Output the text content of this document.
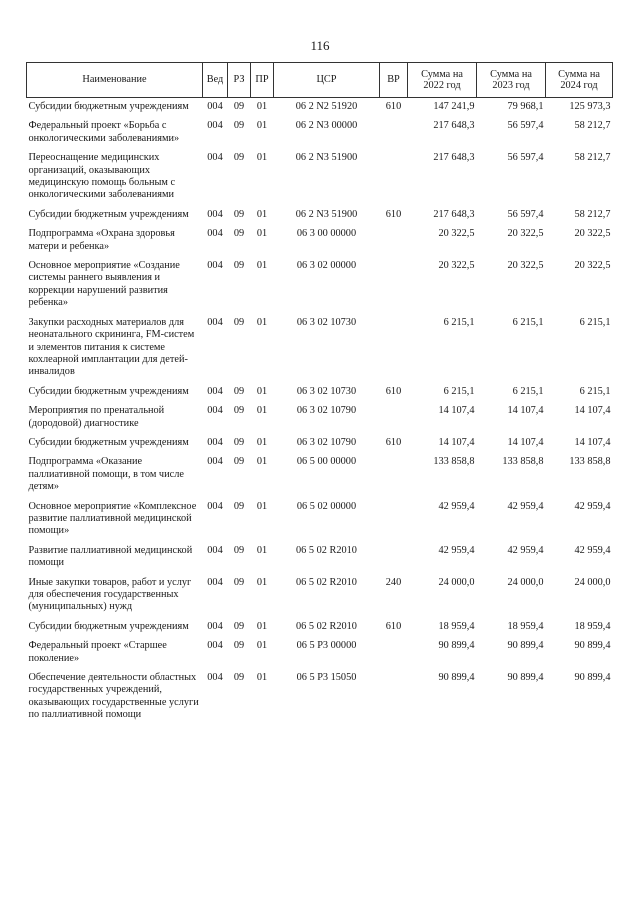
116
Наименование	Вед	РЗ	ПР	ЦСР	ВР	Сумма на 2022 год	Сумма на 2023 год	Сумма на 2024 год
Субсидии бюджетным учреждениям	004	09	01	06 2 N2 51920	610	147 241,9	79 968,1	125 973,3
Федеральный проект «Борьба с онкологическими заболеваниями»	004	09	01	06 2 N3 00000		217 648,3	56 597,4	58 212,7
Переоснащение медицинских организаций, оказывающих медицинскую помощь больным с онкологическими заболеваниями	004	09	01	06 2 N3 51900		217 648,3	56 597,4	58 212,7
Субсидии бюджетным учреждениям	004	09	01	06 2 N3 51900	610	217 648,3	56 597,4	58 212,7
Подпрограмма «Охрана здоровья матери и ребенка»	004	09	01	06 3 00 00000		20 322,5	20 322,5	20 322,5
Основное мероприятие «Создание системы раннего выявления и коррекции нарушений развития ребенка»	004	09	01	06 3 02 00000		20 322,5	20 322,5	20 322,5
Закупки расходных материалов для неонатального скрининга, FM-систем и элементов питания к системе кохлеарной имплантации для детей-инвалидов	004	09	01	06 3 02 10730		6 215,1	6 215,1	6 215,1
Субсидии бюджетным учреждениям	004	09	01	06 3 02 10730	610	6 215,1	6 215,1	6 215,1
Мероприятия по пренатальной (дородовой) диагностике	004	09	01	06 3 02 10790		14 107,4	14 107,4	14 107,4
Субсидии бюджетным учреждениям	004	09	01	06 3 02 10790	610	14 107,4	14 107,4	14 107,4
Подпрограмма «Оказание паллиативной помощи, в том числе детям»	004	09	01	06 5 00 00000		133 858,8	133 858,8	133 858,8
Основное мероприятие «Комплексное развитие паллиативной медицинской помощи»	004	09	01	06 5 02 00000		42 959,4	42 959,4	42 959,4
Развитие паллиативной медицинской помощи	004	09	01	06 5 02 R2010		42 959,4	42 959,4	42 959,4
Иные закупки товаров, работ и услуг для обеспечения государственных (муниципальных) нужд	004	09	01	06 5 02 R2010	240	24 000,0	24 000,0	24 000,0
Субсидии бюджетным учреждениям	004	09	01	06 5 02 R2010	610	18 959,4	18 959,4	18 959,4
Федеральный проект «Старшее поколение»	004	09	01	06 5 P3 00000		90 899,4	90 899,4	90 899,4
Обеспечение деятельности областных государственных учреждений, оказывающих государственные услуги по паллиативной помощи	004	09	01	06 5 P3 15050		90 899,4	90 899,4	90 899,4
